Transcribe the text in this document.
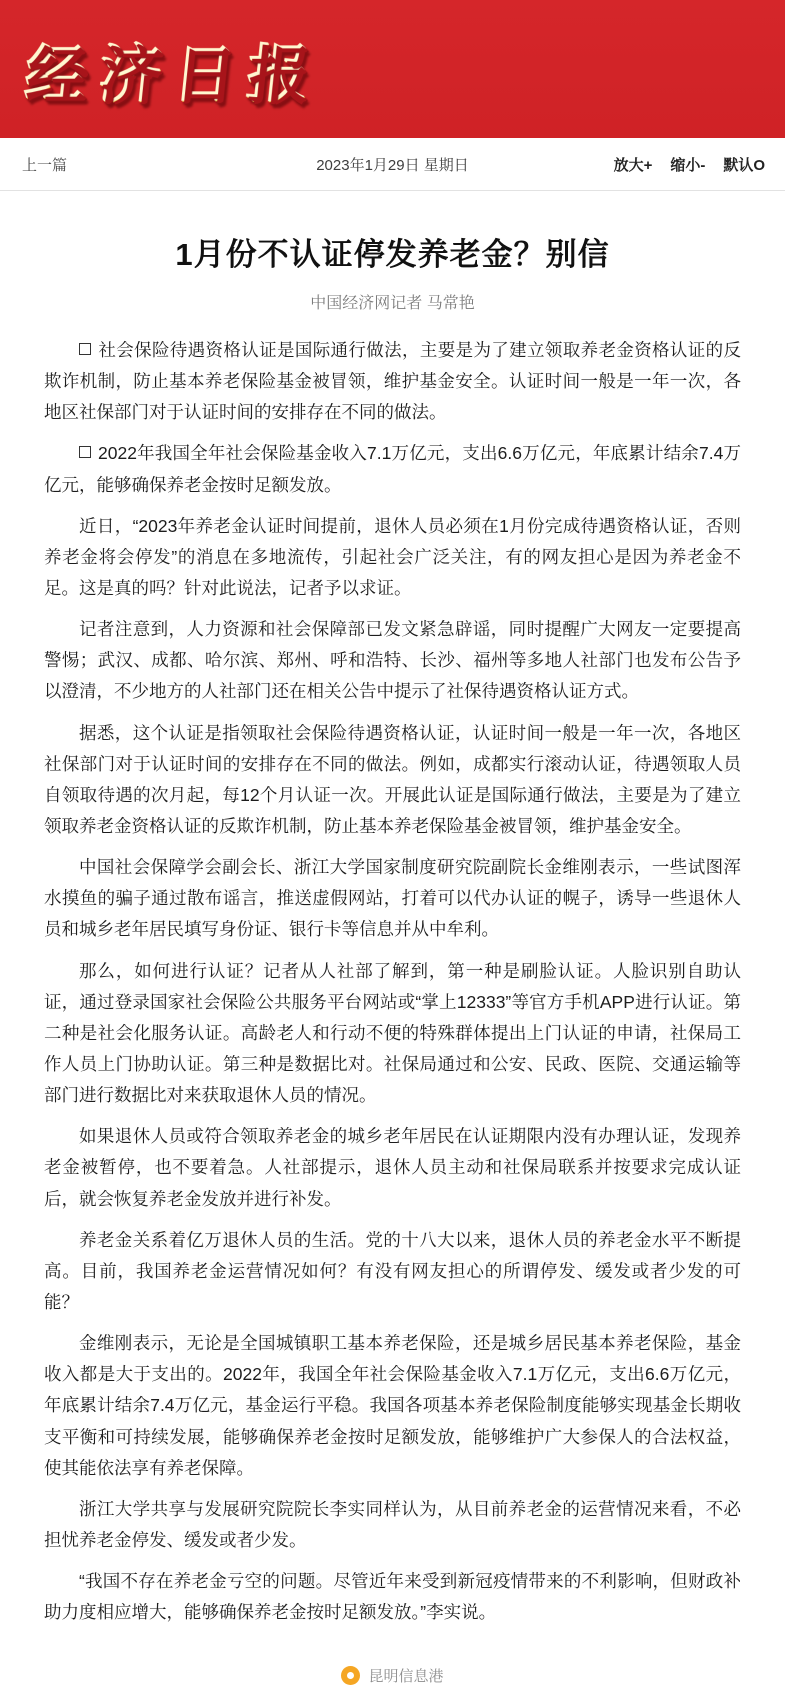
经济日报
上一篇	2023年1月29日 星期日	放大+ 缩小- 默认O
1月份不认证停发养老金？别信
中国经济网记者 马常艳
社会保险待遇资格认证是国际通行做法，主要是为了建立领取养老金资格认证的反欺诈机制，防止基本养老保险基金被冒领，维护基金安全。认证时间一般是一年一次，各地区社保部门对于认证时间的安排存在不同的做法。
2022年我国全年社会保险基金收入7.1万亿元，支出6.6万亿元，年底累计结余7.4万亿元，能够确保养老金按时足额发放。
近日，“2023年养老金认证时间提前，退休人员必须在1月份完成待遇资格认证，否则养老金将会停发”的消息在多地流传，引起社会广泛关注，有的网友担心是因为养老金不足。这是真的吗？针对此说法，记者予以求证。
记者注意到，人力资源和社会保障部已发文紧急辟谣，同时提醒广大网友一定要提高警惕；武汉、成都、哈尔滨、郑州、呼和浩特、长沙、福州等多地人社部门也发布公告予以澄清，不少地方的人社部门还在相关公告中提示了社保待遇资格认证方式。
据悉，这个认证是指领取社会保险待遇资格认证，认证时间一般是一年一次，各地区社保部门对于认证时间的安排存在不同的做法。例如，成都实行滚动认证，待遇领取人员自领取待遇的次月起，每12个月认证一次。开展此认证是国际通行做法，主要是为了建立领取养老金资格认证的反欺诈机制，防止基本养老保险基金被冒领，维护基金安全。
中国社会保障学会副会长、浙江大学国家制度研究院副院长金维刚表示，一些试图浑水摸鱼的骗子通过散布谣言，推送虚假网站，打着可以代办认证的幌子，诱导一些退休人员和城乡老年居民填写身份证、银行卡等信息并从中牟利。
那么，如何进行认证？记者从人社部了解到，第一种是刷脸认证。人脸识别自助认证，通过登录国家社会保险公共服务平台网站或“掌上12333”等官方手机APP进行认证。第二种是社会化服务认证。高龄老人和行动不便的特殊群体提出上门认证的申请，社保局工作人员上门协助认证。第三种是数据比对。社保局通过和公安、民政、医院、交通运输等部门进行数据比对来获取退休人员的情况。
如果退休人员或符合领取养老金的城乡老年居民在认证期限内没有办理认证，发现养老金被暂停，也不要着急。人社部提示，退休人员主动和社保局联系并按要求完成认证后，就会恢复养老金发放并进行补发。
养老金关系着亿万退休人员的生活。党的十八大以来，退休人员的养老金水平不断提高。目前，我国养老金运营情况如何？有没有网友担心的所谓停发、缓发或者少发的可能？
金维刚表示，无论是全国城镇职工基本养老保险，还是城乡居民基本养老保险，基金收入都是大于支出的。2022年，我国全年社会保险基金收入7.1万亿元，支出6.6万亿元，年底累计结余7.4万亿元，基金运行平稳。我国各项基本养老保险制度能够实现基金长期收支平衡和可持续发展，能够确保养老金按时足额发放，能够维护广大参保人的合法权益，使其能依法享有养老保障。
浙江大学共享与发展研究院院长李实同样认为，从目前养老金的运营情况来看，不必担忧养老金停发、缓发或者少发。
“我国不存在养老金亏空的问题。尽管近年来受到新冠疫情带来的不利影响，但财政补助力度相应增大，能够确保养老金按时足额发放。”李实说。
昆明信息港
